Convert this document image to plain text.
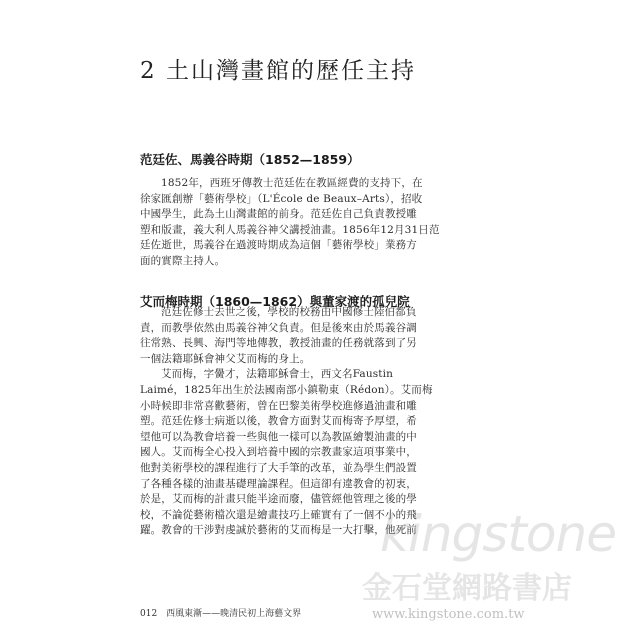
2 土山灣畫館的歷任主持
范廷佐、馬義谷時期（1852—1859）
1852年，西班牙傳教士范廷佐在教區經費的支持下，在
徐家匯創辦「藝術學校」（L'École de Beaux–Arts），招收
中國學生，此為土山灣畫館的前身。范廷佐自己負責教授雕
塑和版畫，義大利人馬義谷神父講授油畫。1856年12月31日范
廷佐逝世，馬義谷在過渡時期成為這個「藝術學校」業務方
面的實際主持人。
艾而梅時期（1860—1862）與董家渡的孤兒院
范廷佐修士去世之後，學校的校務由中國修士陸伯都負
責，而教學依然由馬義谷神父負責。但是後來由於馬義谷調
往常熟、長興、海門等地傳教，教授油畫的任務就落到了另
一個法籍耶穌會神父艾而梅的身上。
艾而梅，字黌才，法籍耶穌會士，西文名Faustin
Laimé，1825年出生於法國南部小鎮勒東（Rédon）。艾而梅
小時候即非常喜歡藝術，曾在巴黎美術學校進修過油畫和雕
塑。范廷佐修士病逝以後，教會方面對艾而梅寄予厚望，希
望他可以為教會培養一些與他一樣可以為教區繪製油畫的中
國人。艾而梅全心投入到培養中國的宗教畫家這項事業中，
他對美術學校的課程進行了大手筆的改革，並為學生們設置
了各種各樣的油畫基礎理論課程。但這卻有違教會的初衷，
於是，艾而梅的計畫只能半途而廢，儘管經他管理之後的學
校，不論從藝術檔次還是繪畫技巧上確實有了一個不小的飛
躍。教會的干涉對虔誠於藝術的艾而梅是一大打擊，他死前
012 西風東漸——晚清民初上海藝文界
kingstone
金石堂網路書店
www.kingstone.com.tw
